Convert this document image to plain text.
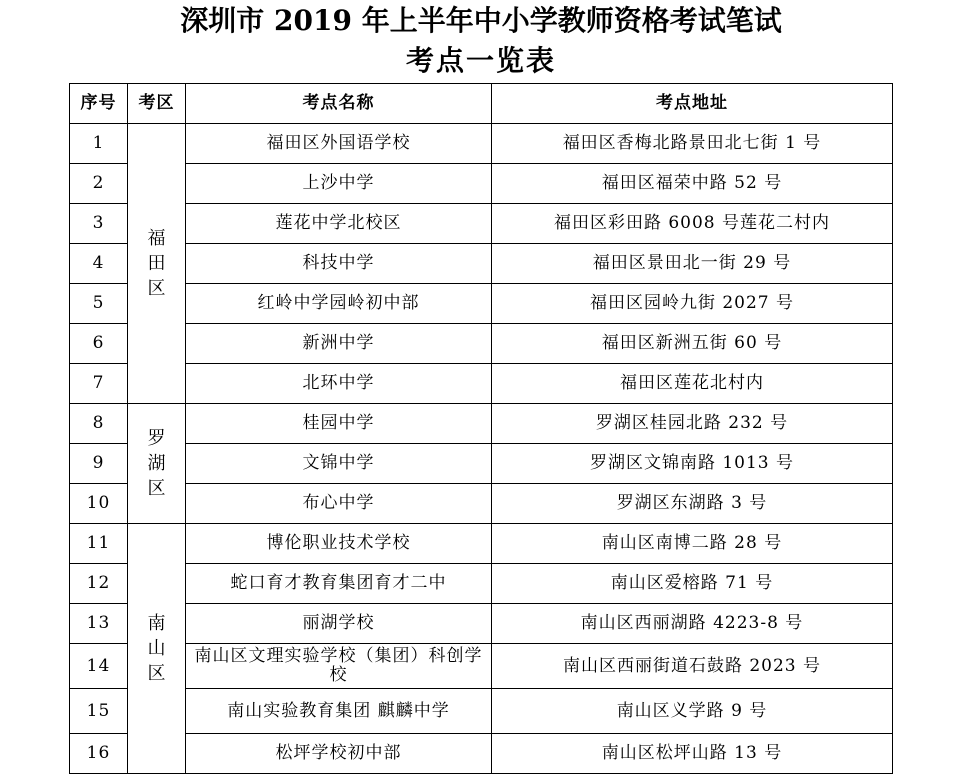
深圳市 2019 年上半年中小学教师资格考试笔试
考点一览表
序号	考区	考点名称	考点地址
1	福田区	福田区外国语学校	福田区香梅北路景田北七街 1 号
2		上沙中学	福田区福荣中路 52 号
3		莲花中学北校区	福田区彩田路 6008 号莲花二村内
4		科技中学	福田区景田北一街 29 号
5		红岭中学园岭初中部	福田区园岭九街 2027 号
6		新洲中学	福田区新洲五街 60 号
7		北环中学	福田区莲花北村内
8	罗湖区	桂园中学	罗湖区桂园北路 232 号
9		文锦中学	罗湖区文锦南路 1013 号
10		布心中学	罗湖区东湖路 3 号
11	南山区	博伦职业技术学校	南山区南博二路 28 号
12		蛇口育才教育集团育才二中	南山区爱榕路 71 号
13		丽湖学校	南山区西丽湖路 4223-8 号
14		南山区文理实验学校（集团）科创学校	南山区西丽街道石鼓路 2023 号
15		南山实验教育集团 麒麟中学	南山区义学路 9 号
16		松坪学校初中部	南山区松坪山路 13 号
